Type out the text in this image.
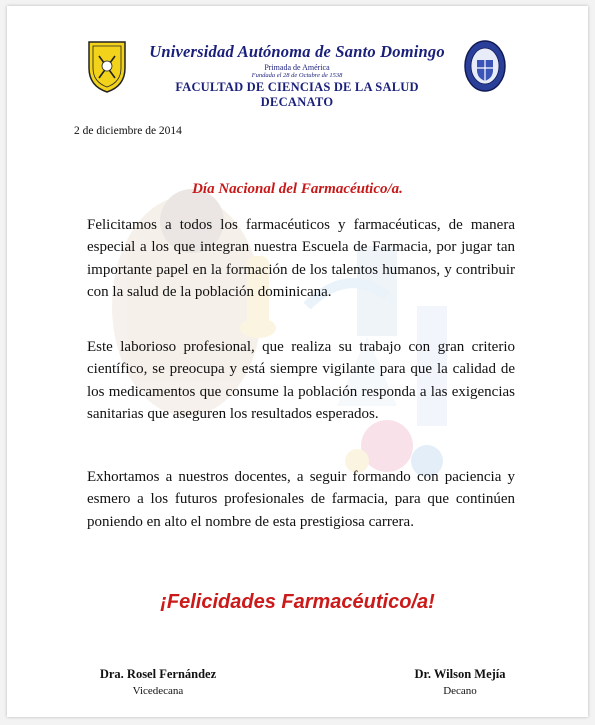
Universidad Autónoma de Santo Domingo
Primada de América
Fundada el 28 de Octubre de 1538
FACULTAD DE CIENCIAS DE LA SALUD
DECANATO
2 de diciembre de 2014
Día Nacional del Farmacéutico/a.
Felicitamos a todos los farmacéuticos y farmacéuticas, de manera especial a los que integran nuestra Escuela de Farmacia, por jugar tan importante papel en la formación de los talentos humanos, y contribuir con la salud de la población dominicana.
Este laborioso profesional, que realiza su trabajo con gran criterio científico, se preocupa y está siempre vigilante para que la calidad de los medicamentos que consume la población responda a las exigencias sanitarias que aseguren los resultados esperados.
Exhortamos a nuestros docentes, a seguir formando con paciencia y esmero a los futuros profesionales de farmacia, para que continúen poniendo en alto el nombre de esta prestigiosa carrera.
¡Felicidades Farmacéutico/a!
Dra. Rosel Fernández
Vicedecana
Dr. Wilson Mejía
Decano
